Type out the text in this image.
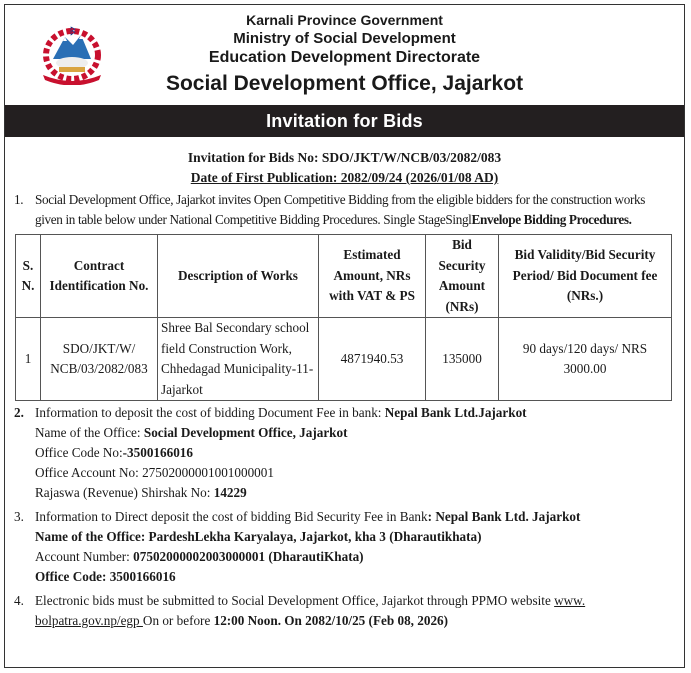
Karnali Province Government
Ministry of Social Development
Education Development Directorate
Social Development Office, Jajarkot
Invitation for Bids
Invitation for Bids No: SDO/JKT/W/NCB/03/2082/083
Date of First Publication: 2082/09/24 (2026/01/08 AD)
1. Social Development Office, Jajarkot invites Open Competitive Bidding from the eligible bidders for the construction works given in table below under National Competitive Bidding Procedures. Single StageSinglEnvelope Bidding Procedures.
S. N.	Contract Identification No.	Description of Works	Estimated Amount, NRs with VAT & PS	Bid Security Amount (NRs)	Bid Validity/Bid Security Period/ Bid Document fee (NRs.)
1	SDO/JKT/W/ NCB/03/2082/083	Shree Bal Secondary school field Construction Work, Chhedagad Municipality-11-Jajarkot	4871940.53	135000	90 days/120 days/ NRS 3000.00
2. Information to deposit the cost of bidding Document Fee in bank: Nepal Bank Ltd.Jajarkot
Name of the Office: Social Development Office, Jajarkot
Office Code No:-3500166016
Office Account No: 27502000001001000001
Rajaswa (Revenue) Shirshak No: 14229
3. Information to Direct deposit the cost of bidding Bid Security Fee in Bank: Nepal Bank Ltd. Jajarkot
Name of the Office: PardeshLekha Karyalaya, Jajarkot, kha 3 (Dharautikhata)
Account Number: 07502000002003000001 (DharautiKhata)
Office Code: 3500166016
4. Electronic bids must be submitted to Social Development Office, Jajarkot through PPMO website www.
bolpatra.gov.np/egp On or before 12:00 Noon. On 2082/10/25 (Feb 08, 2026)
